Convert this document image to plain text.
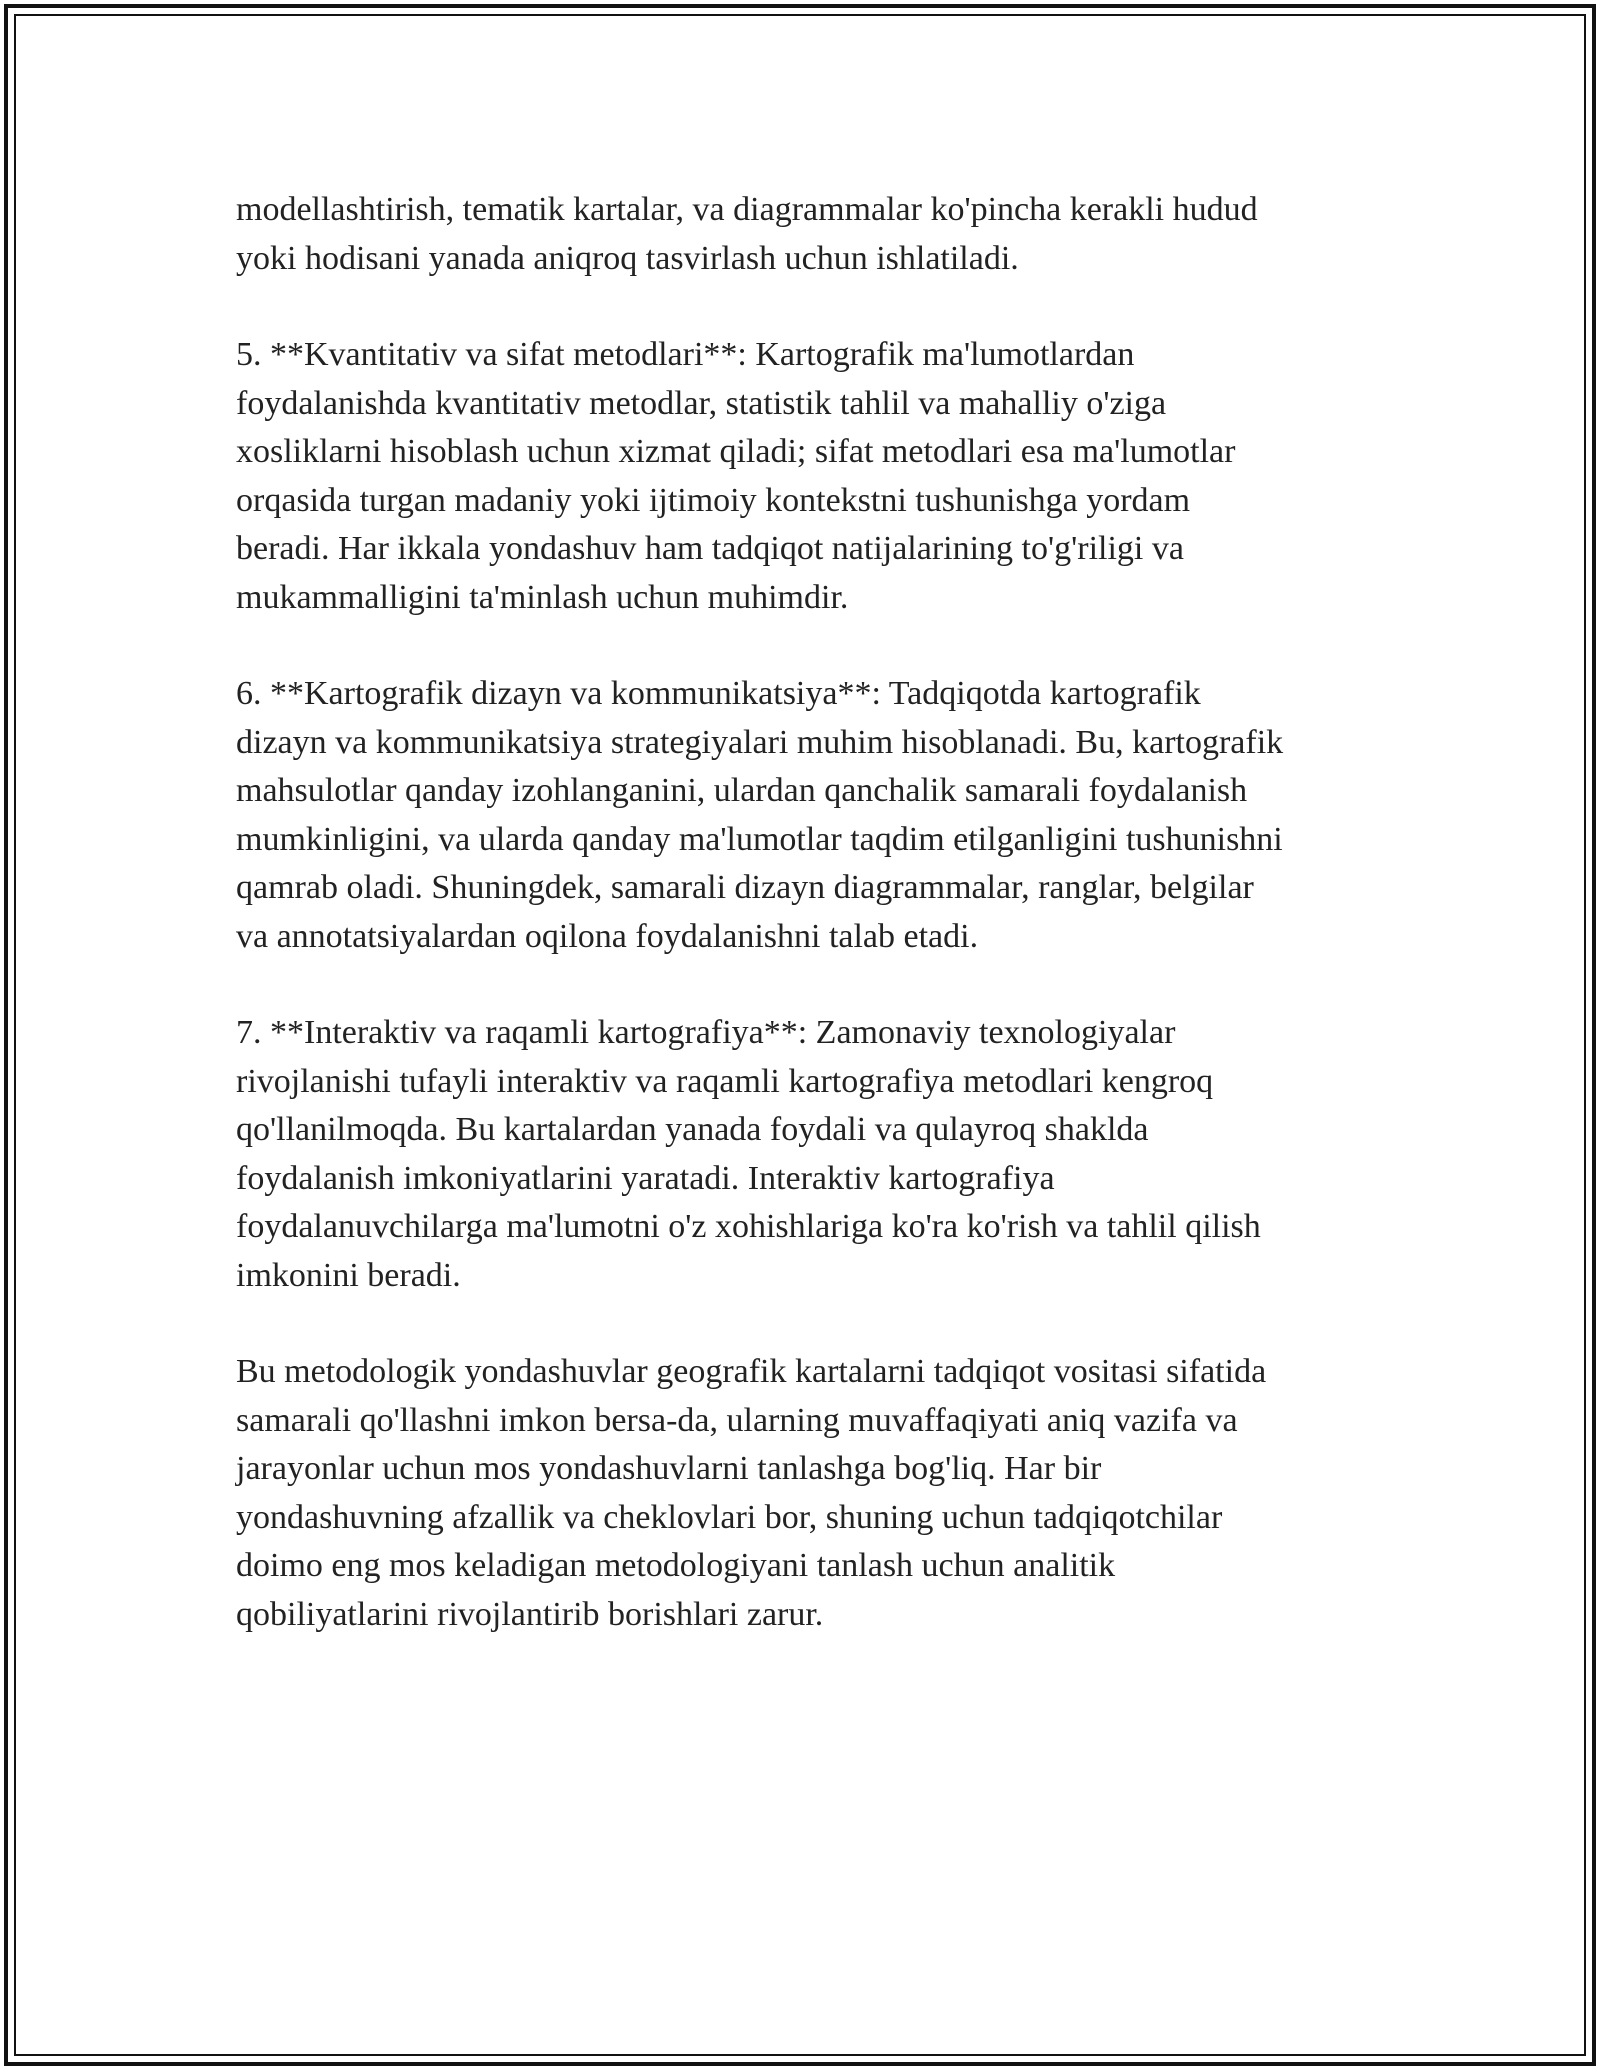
modellashtirish, tematik kartalar, va diagrammalar ko'pincha kerakli hudud
yoki hodisani yanada aniqroq tasvirlash uchun ishlatiladi.

5. **Kvantitativ va sifat metodlari**: Kartografik ma'lumotlardan
foydalanishda kvantitativ metodlar, statistik tahlil va mahalliy o'ziga
xosliklarni hisoblash uchun xizmat qiladi; sifat metodlari esa ma'lumotlar
orqasida turgan madaniy yoki ijtimoiy kontekstni tushunishga yordam
beradi. Har ikkala yondashuv ham tadqiqot natijalarining to'g'riligi va
mukammalligini ta'minlash uchun muhimdir.

6. **Kartografik dizayn va kommunikatsiya**: Tadqiqotda kartografik
dizayn va kommunikatsiya strategiyalari muhim hisoblanadi. Bu, kartografik
mahsulotlar qanday izohlanganini, ulardan qanchalik samarali foydalanish
mumkinligini, va ularda qanday ma'lumotlar taqdim etilganligini tushunishni
qamrab oladi. Shuningdek, samarali dizayn diagrammalar, ranglar, belgilar
va annotatsiyalardan oqilona foydalanishni talab etadi.

7. **Interaktiv va raqamli kartografiya**: Zamonaviy texnologiyalar
rivojlanishi tufayli interaktiv va raqamli kartografiya metodlari kengroq
qo'llanilmoqda. Bu kartalardan yanada foydali va qulayroq shaklda
foydalanish imkoniyatlarini yaratadi. Interaktiv kartografiya
foydalanuvchilarga ma'lumotni o'z xohishlariga ko'ra ko'rish va tahlil qilish
imkonini beradi.

Bu metodologik yondashuvlar geografik kartalarni tadqiqot vositasi sifatida
samarali qo'llashni imkon bersa-da, ularning muvaffaqiyati aniq vazifa va
jarayonlar uchun mos yondashuvlarni tanlashga bog'liq. Har bir
yondashuvning afzallik va cheklovlari bor, shuning uchun tadqiqotchilar
doimo eng mos keladigan metodologiyani tanlash uchun analitik
qobiliyatlarini rivojlantirib borishlari zarur.
